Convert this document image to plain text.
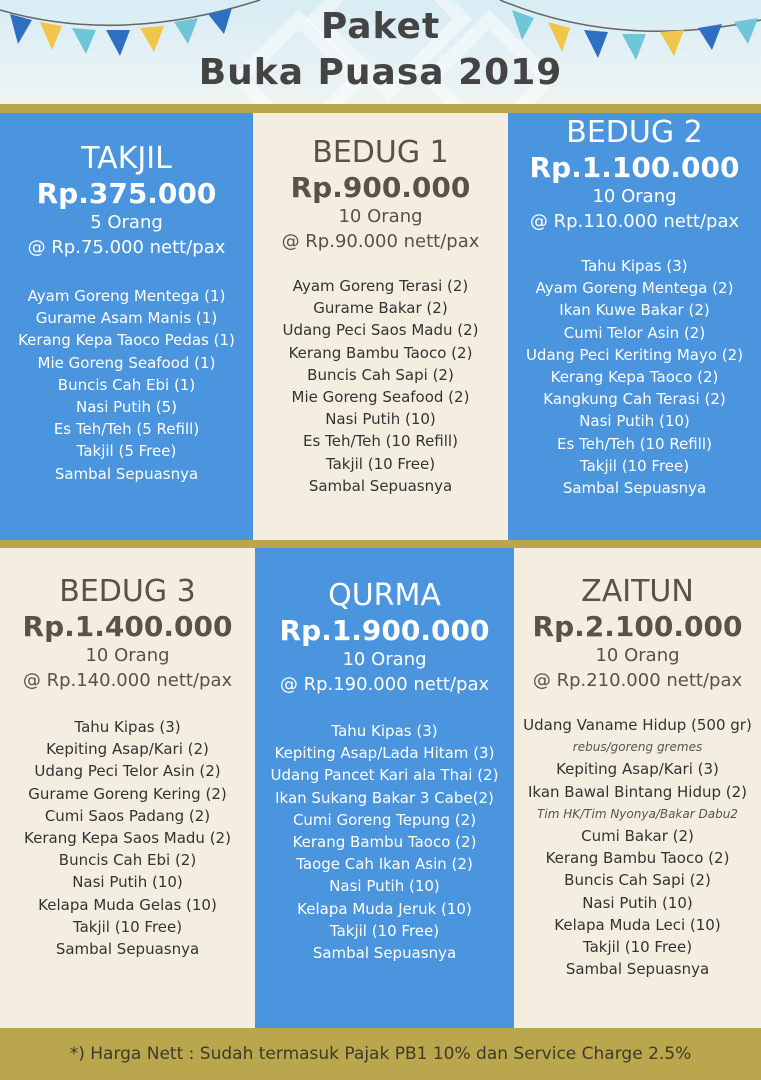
Paket
Buka Puasa 2019
TAKJIL
Rp.375.000
5 Orang
@ Rp.75.000 nett/pax
Ayam Goreng Mentega (1)
Gurame Asam Manis (1)
Kerang Kepa Taoco Pedas (1)
Mie Goreng Seafood (1)
Buncis Cah Ebi (1)
Nasi Putih (5)
Es Teh/Teh (5 Refill)
Takjil (5 Free)
Sambal Sepuasnya
BEDUG 1
Rp.900.000
10 Orang
@ Rp.90.000 nett/pax
Ayam Goreng Terasi (2)
Gurame Bakar (2)
Udang Peci Saos Madu (2)
Kerang Bambu Taoco (2)
Buncis Cah Sapi (2)
Mie Goreng Seafood (2)
Nasi Putih (10)
Es Teh/Teh (10 Refill)
Takjil (10 Free)
Sambal Sepuasnya
BEDUG 2
Rp.1.100.000
10 Orang
@ Rp.110.000 nett/pax
Tahu Kipas (3)
Ayam Goreng Mentega (2)
Ikan Kuwe Bakar (2)
Cumi Telor Asin (2)
Udang Peci Keriting Mayo (2)
Kerang Kepa Taoco (2)
Kangkung Cah Terasi (2)
Nasi Putih (10)
Es Teh/Teh (10 Refill)
Takjil (10 Free)
Sambal Sepuasnya
BEDUG 3
Rp.1.400.000
10 Orang
@ Rp.140.000 nett/pax
Tahu Kipas (3)
Kepiting Asap/Kari (2)
Udang Peci Telor Asin (2)
Gurame Goreng Kering (2)
Cumi Saos Padang (2)
Kerang Kepa Saos Madu (2)
Buncis Cah Ebi (2)
Nasi Putih (10)
Kelapa Muda Gelas (10)
Takjil (10 Free)
Sambal Sepuasnya
QURMA
Rp.1.900.000
10 Orang
@ Rp.190.000 nett/pax
Tahu Kipas (3)
Kepiting Asap/Lada Hitam (3)
Udang Pancet Kari ala Thai (2)
Ikan Sukang Bakar 3 Cabe(2)
Cumi Goreng Tepung (2)
Kerang Bambu Taoco (2)
Taoge Cah Ikan Asin (2)
Nasi Putih (10)
Kelapa Muda Jeruk (10)
Takjil (10 Free)
Sambal Sepuasnya
ZAITUN
Rp.2.100.000
10 Orang
@ Rp.210.000 nett/pax
Udang Vaname Hidup (500 gr)
rebus/goreng gremes
Kepiting Asap/Kari (3)
Ikan Bawal Bintang Hidup (2)
Tim HK/Tim Nyonya/Bakar Dabu2
Cumi Bakar (2)
Kerang Bambu Taoco (2)
Buncis Cah Sapi (2)
Nasi Putih (10)
Kelapa Muda Leci (10)
Takjil (10 Free)
Sambal Sepuasnya
*) Harga Nett : Sudah termasuk Pajak PB1 10% dan Service Charge 2.5%
